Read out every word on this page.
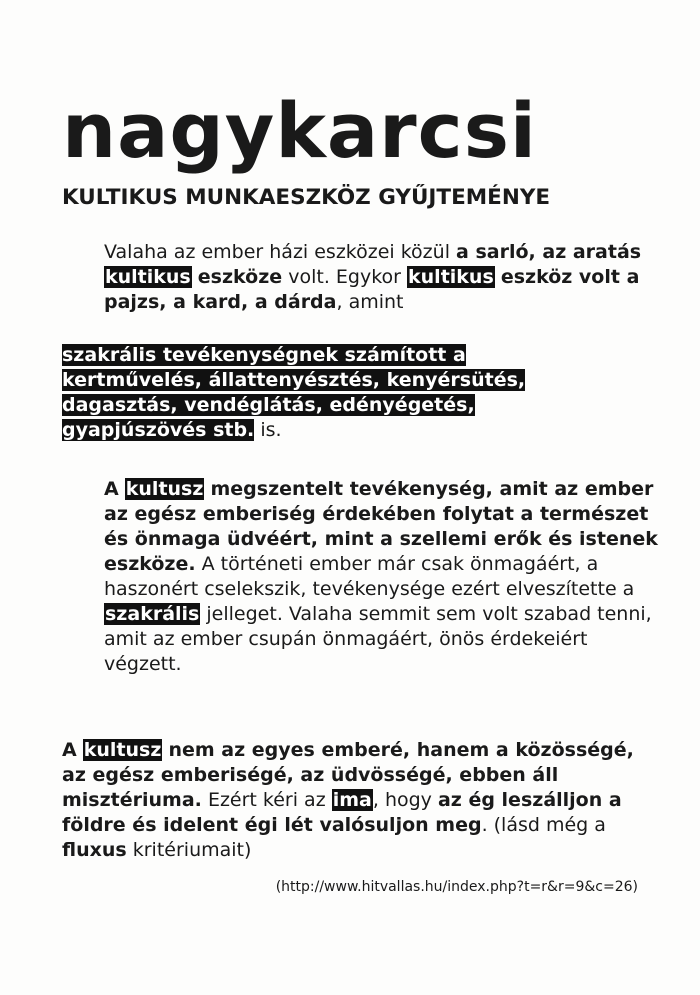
nagykarcsi
KULTIKUS MUNKAESZKÖZ GYŰJTEMÉNYE

Valaha az ember házi eszközei közül a sarló, az aratás kultikus eszköze volt. Egykor kultikus eszköz volt a pajzs, a kard, a dárda, amint

szakrális tevékenységnek számított a
kertművelés, állattenyésztés, kenyérsütés,
dagasztás, vendéglátás, edényégetés,
gyapjúszövés stb. is.

A kultusz megszentelt tevékenység, amit az ember az egész emberiség érdekében folytat a természet és önmaga üdvéért, mint a szellemi erők és istenek eszköze. A történeti ember már csak önmagáért, a haszonért cselekszik, tevékenysége ezért elveszítette a szakrális jelleget. Valaha semmit sem volt szabad tenni, amit az ember csupán önmagáért, önös érdekeiért végzett.

A kultusz nem az egyes emberé, hanem a közösségé, az egész emberiségé, az üdvösségé, ebben áll misztériuma. Ezért kéri az ima, hogy az ég leszálljon a földre és idelent égi lét valósuljon meg. (lásd még a fluxus kritériumait)

(http://www.hitvallas.hu/index.php?t=r&r=9&c=26)
